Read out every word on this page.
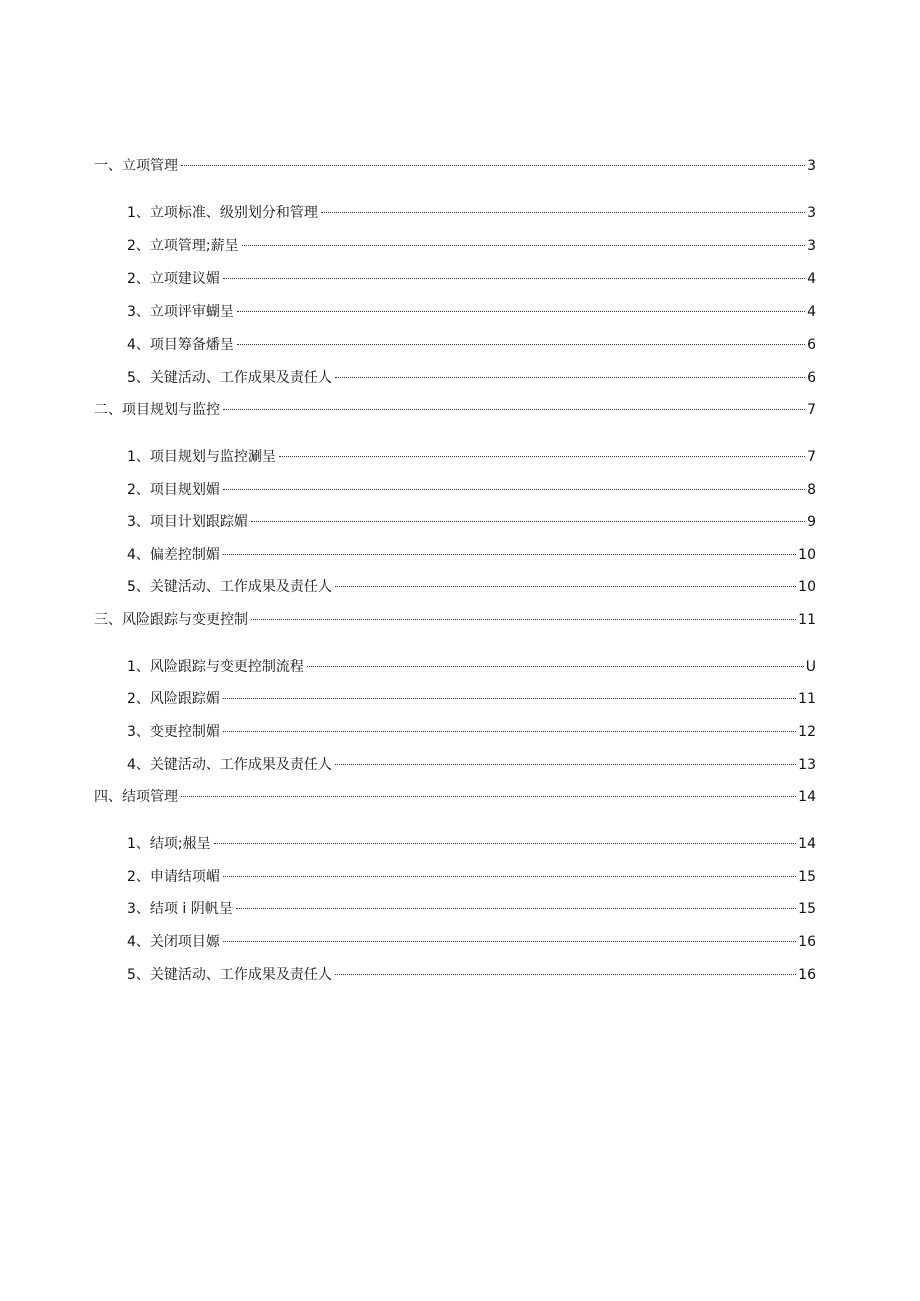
一、立项管理	3
1、立项标准、级别划分和管理	3
2、立项管理;薪呈	3
2、立项建议媚	4
3、立项评审蝴呈	4
4、项目筹备燔呈	6
5、关键活动、工作成果及责任人	6
二、项目规划与监控	7
1、项目规划与监控涮呈	7
2、项目规划媚	8
3、项目计划跟踪媚	9
4、偏差控制媚	10
5、关键活动、工作成果及责任人	10
三、风险跟踪与变更控制	11
1、风险跟踪与变更控制流程	U
2、风险跟踪媚	11
3、变更控制媚	12
4、关键活动、工作成果及责任人	13
四、结项管理	14
1、结项;赧呈	14
2、申请结项嵋	15
3、结项 i 阴帆呈	15
4、关闭项目嫄	16
5、关键活动、工作成果及责任人	16
